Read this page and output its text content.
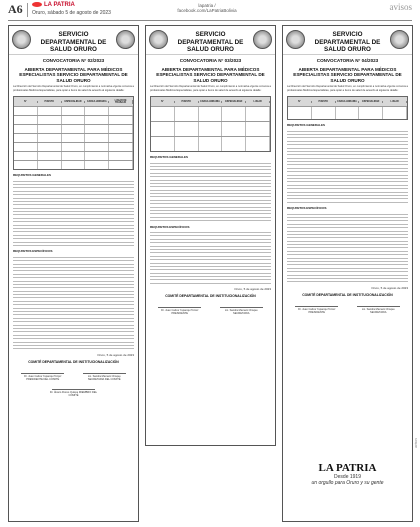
A6	LA PATRIA
Oruro, sábado 5 de agosto de 2023
lapatria / facebook.com/LaPatriaBolivia	avisos
SERVICIO DEPARTAMENTAL DE SALUD ORURO
CONVOCATORIA N° 02/2023
ABIERTA DEPARTAMENTAL PARA MÉDICOS ESPECIALISTAS SERVICIO DEPARTAMENTAL DE SALUD ORURO
La Dirección del Servicio Departamental de Salud Oruro, en cumplimiento a normativa vigente convoca a profesionales Médicos Especialistas, para optar a ítems de salud de acuerdo al siguiente detalle:
N°	PUESTO	ESPECIALIDAD	CARGA HORARIA	LUGAR DE TRABAJO
REQUISITOS GENERALES
REQUISITOS ESPECÍFICOS
Oruro, 5 de agosto de 2023
COMITÉ DEPARTAMENTAL DE INSTITUCIONALIZACIÓN
Dr. Juan Carlos Yupanqui Torrez PRESIDENTE DEL COMITÉ
Lic. Sandra Mamani Choque SECRETARIA DEL COMITÉ
Dr. Álvaro Flores Quispe MIEMBRO DEL COMITÉ
SERVICIO DEPARTAMENTAL DE SALUD ORURO
CONVOCATORIA N° 03/2023
ABIERTA DEPARTAMENTAL PARA MÉDICOS ESPECIALISTAS SERVICIO DEPARTAMENTAL DE SALUD ORURO
La Dirección del Servicio Departamental de Salud Oruro, en cumplimiento a normativa vigente convoca a profesionales Médicos Especialistas, para optar a ítems de salud de acuerdo al siguiente detalle:
N°	PUESTO	CARGA HORARIA	ESPECIALIDAD	LUGAR
REQUISITOS GENERALES
REQUISITOS ESPECÍFICOS
Oruro, 5 de agosto de 2023
COMITÉ DEPARTAMENTAL DE INSTITUCIONALIZACIÓN
Dr. Juan Carlos Yupanqui Torrez PRESIDENTE
Lic. Sandra Mamani Choque SECRETARIA
SERVICIO DEPARTAMENTAL DE SALUD ORURO
CONVOCATORIA N° 04/2023
ABIERTA DEPARTAMENTAL PARA MÉDICOS ESPECIALISTAS SERVICIO DEPARTAMENTAL DE SALUD ORURO
La Dirección del Servicio Departamental de Salud Oruro, en cumplimiento a normativa vigente convoca a profesionales Médicos Especialistas, para optar a ítems de salud de acuerdo al siguiente detalle:
N°	PUESTO	CARGA HORARIA	ESPECIALIDAD	LUGAR
REQUISITOS GENERALES
REQUISITOS ESPECÍFICOS
Oruro, 5 de agosto de 2023
COMITÉ DEPARTAMENTAL DE INSTITUCIONALIZACIÓN
Dr. Juan Carlos Yupanqui Torrez PRESIDENTE
Lic. Sandra Mamani Choque SECRETARIA
LA PATRIA
Desde 1919
un orgullo para Oruro y su gente
avisos
